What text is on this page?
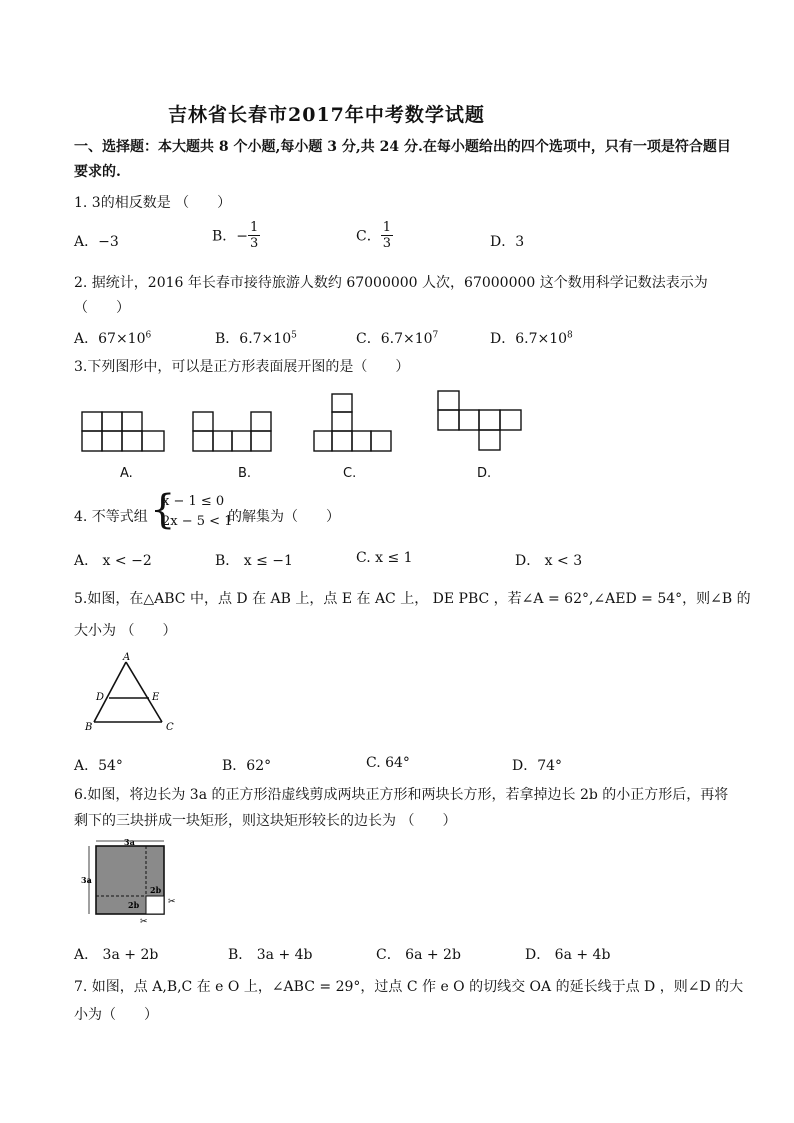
吉林省长春市2017年中考数学试题
一、选择题：本大题共 8 个小题,每小题 3 分,共 24 分.在每小题给出的四个选项中，只有一项是符合题目
要求的.
1. 3的相反数是 （　　）
A．−3	B．− $\frac{1}{3}$	C． $\frac{1}{3}$	D．3
2. 据统计，2016 年长春市接待旅游人数约 67000000 人次，67000000 这个数用科学记数法表示为
（　　）
A．$67\times 10^6$	B．$6.7\times 10^5$	C．$6.7\times 10^7$	D．$6.7\times 10^8$
3.下列图形中，可以是正方形表面展开图的是（　　）
A.	B.	C.	D.
4. 不等式组 {
x − 1 ≤ 0
2x − 5 < 1
的解集为（　　）
A． x < −2	B． x ≤ −1	C. x ≤ 1	D． x < 3
5.如图，在△ABC 中，点 D 在 AB 上，点 E 在 AC 上， DE PBC ，若∠A = 62°,∠AED = 54°，则∠B 的
大小为 （　　）
A
D	E
B	C
A．54°	B．62°	C. 64°	D．74°
6.如图，将边长为 3a 的正方形沿虚线剪成两块正方形和两块长方形，若拿掉边长 2b 的小正方形后，再将
剩下的三块拼成一块矩形，则这块矩形较长的边长为 （　　）
3a
3a
2b
2b	✂
✂
A． 3a + 2b	B． 3a + 4b	C． 6a + 2b	D． 6a + 4b
7. 如图，点 A,B,C 在 e O 上，∠ABC = 29°，过点 C 作 e O 的切线交 OA 的延长线于点 D ，则∠D 的大
小为（　　）
